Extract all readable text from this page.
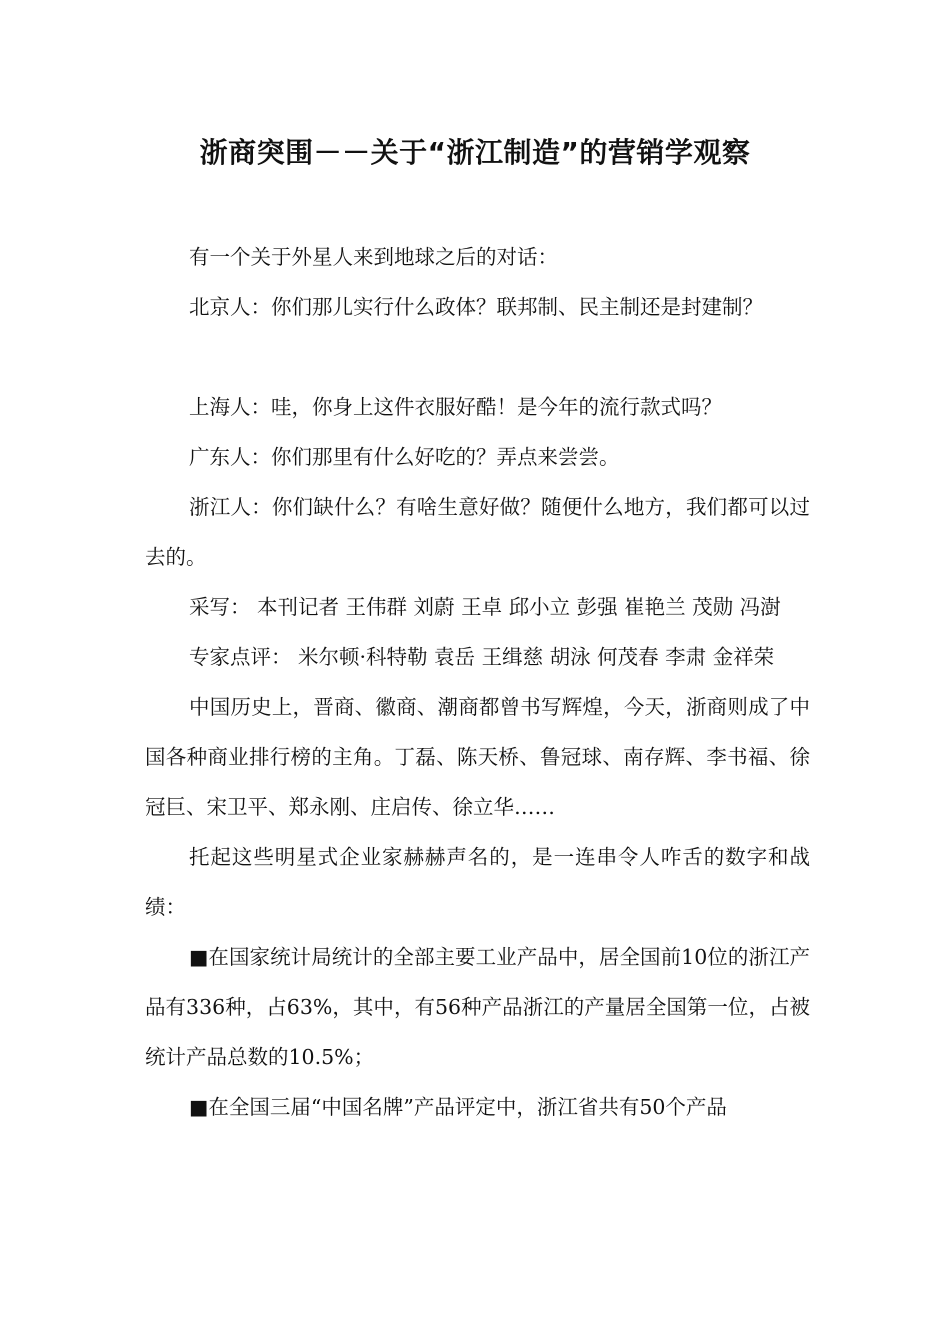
浙商突围－－关于“浙江制造”的营销学观察

有一个关于外星人来到地球之后的对话：

北京人：你们那儿实行什么政体？联邦制、民主制还是封建制？

上海人：哇，你身上这件衣服好酷！是今年的流行款式吗？

广东人：你们那里有什么好吃的？弄点来尝尝。

浙江人：你们缺什么？有啥生意好做？随便什么地方，我们都可以过去的。

采写： 本刊记者 王伟群 刘蔚 王卓 邱小立 彭强 崔艳兰 茂勋 冯澍

专家点评： 米尔顿·科特勒 袁岳 王缉慈 胡泳 何茂春 李肃 金祥荣

中国历史上，晋商、徽商、潮商都曾书写辉煌，今天，浙商则成了中国各种商业排行榜的主角。丁磊、陈天桥、鲁冠球、南存辉、李书福、徐冠巨、宋卫平、郑永刚、庄启传、徐立华……

托起这些明星式企业家赫赫声名的，是一连串令人咋舌的数字和战绩：

■在国家统计局统计的全部主要工业产品中，居全国前10位的浙江产品有336种，占63%，其中，有56种产品浙江的产量居全国第一位，占被统计产品总数的10.5%；

■在全国三届“中国名牌”产品评定中，浙江省共有50个产品
